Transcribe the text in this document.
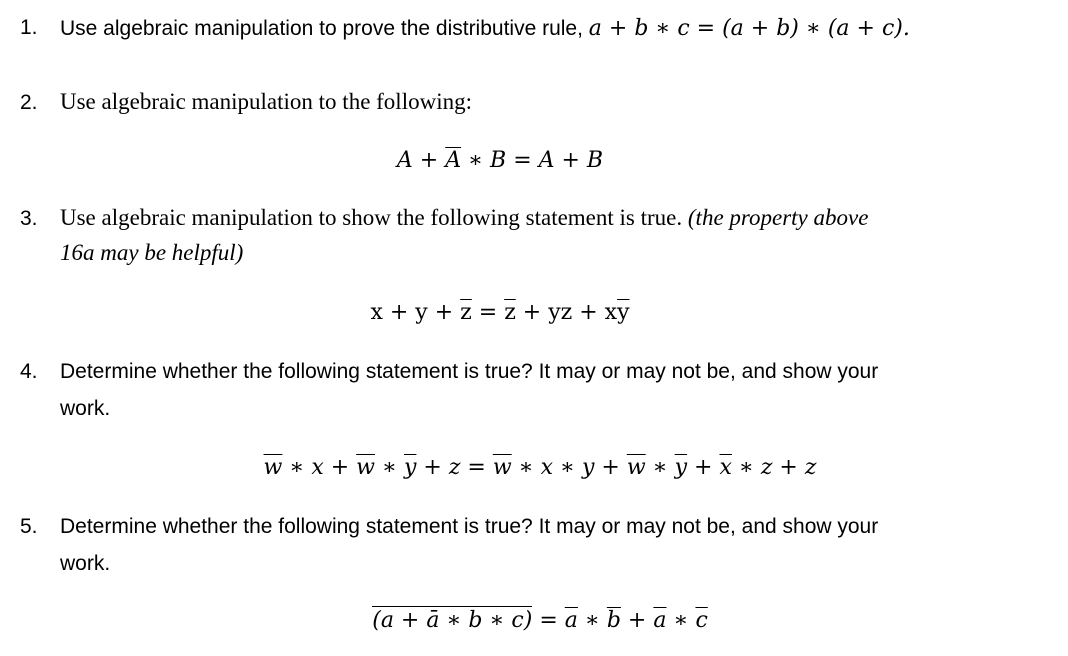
1. Use algebraic manipulation to prove the distributive rule, a + b ∗ c = (a + b) ∗ (a + c).
2. Use algebraic manipulation to the following:
$A + \overline{A}$ ∗ B = A + B
3. Use algebraic manipulation to show the following statement is true. (the property above
16a may be helpful)
$x + y + \overline{z} = \overline{z}$ + yz + $x\overline{y}$
4. Determine whether the following statement is true? It may or may not be, and show your
work.
$\overline{w}$ ∗ $x + \overline{w}$ ∗ $\overline{y} + z = \overline{w}$ ∗ x ∗ $y + \overline{w}$ ∗ $\overline{y} + \overline{x}$ ∗ z + z
5. Determine whether the following statement is true? It may or may not be, and show your
work.
(a + ā ∗ b ∗ $c) = \overline{a}$ ∗ $\overline{b} + \overline{a}$ ∗ $\overline{c}$
